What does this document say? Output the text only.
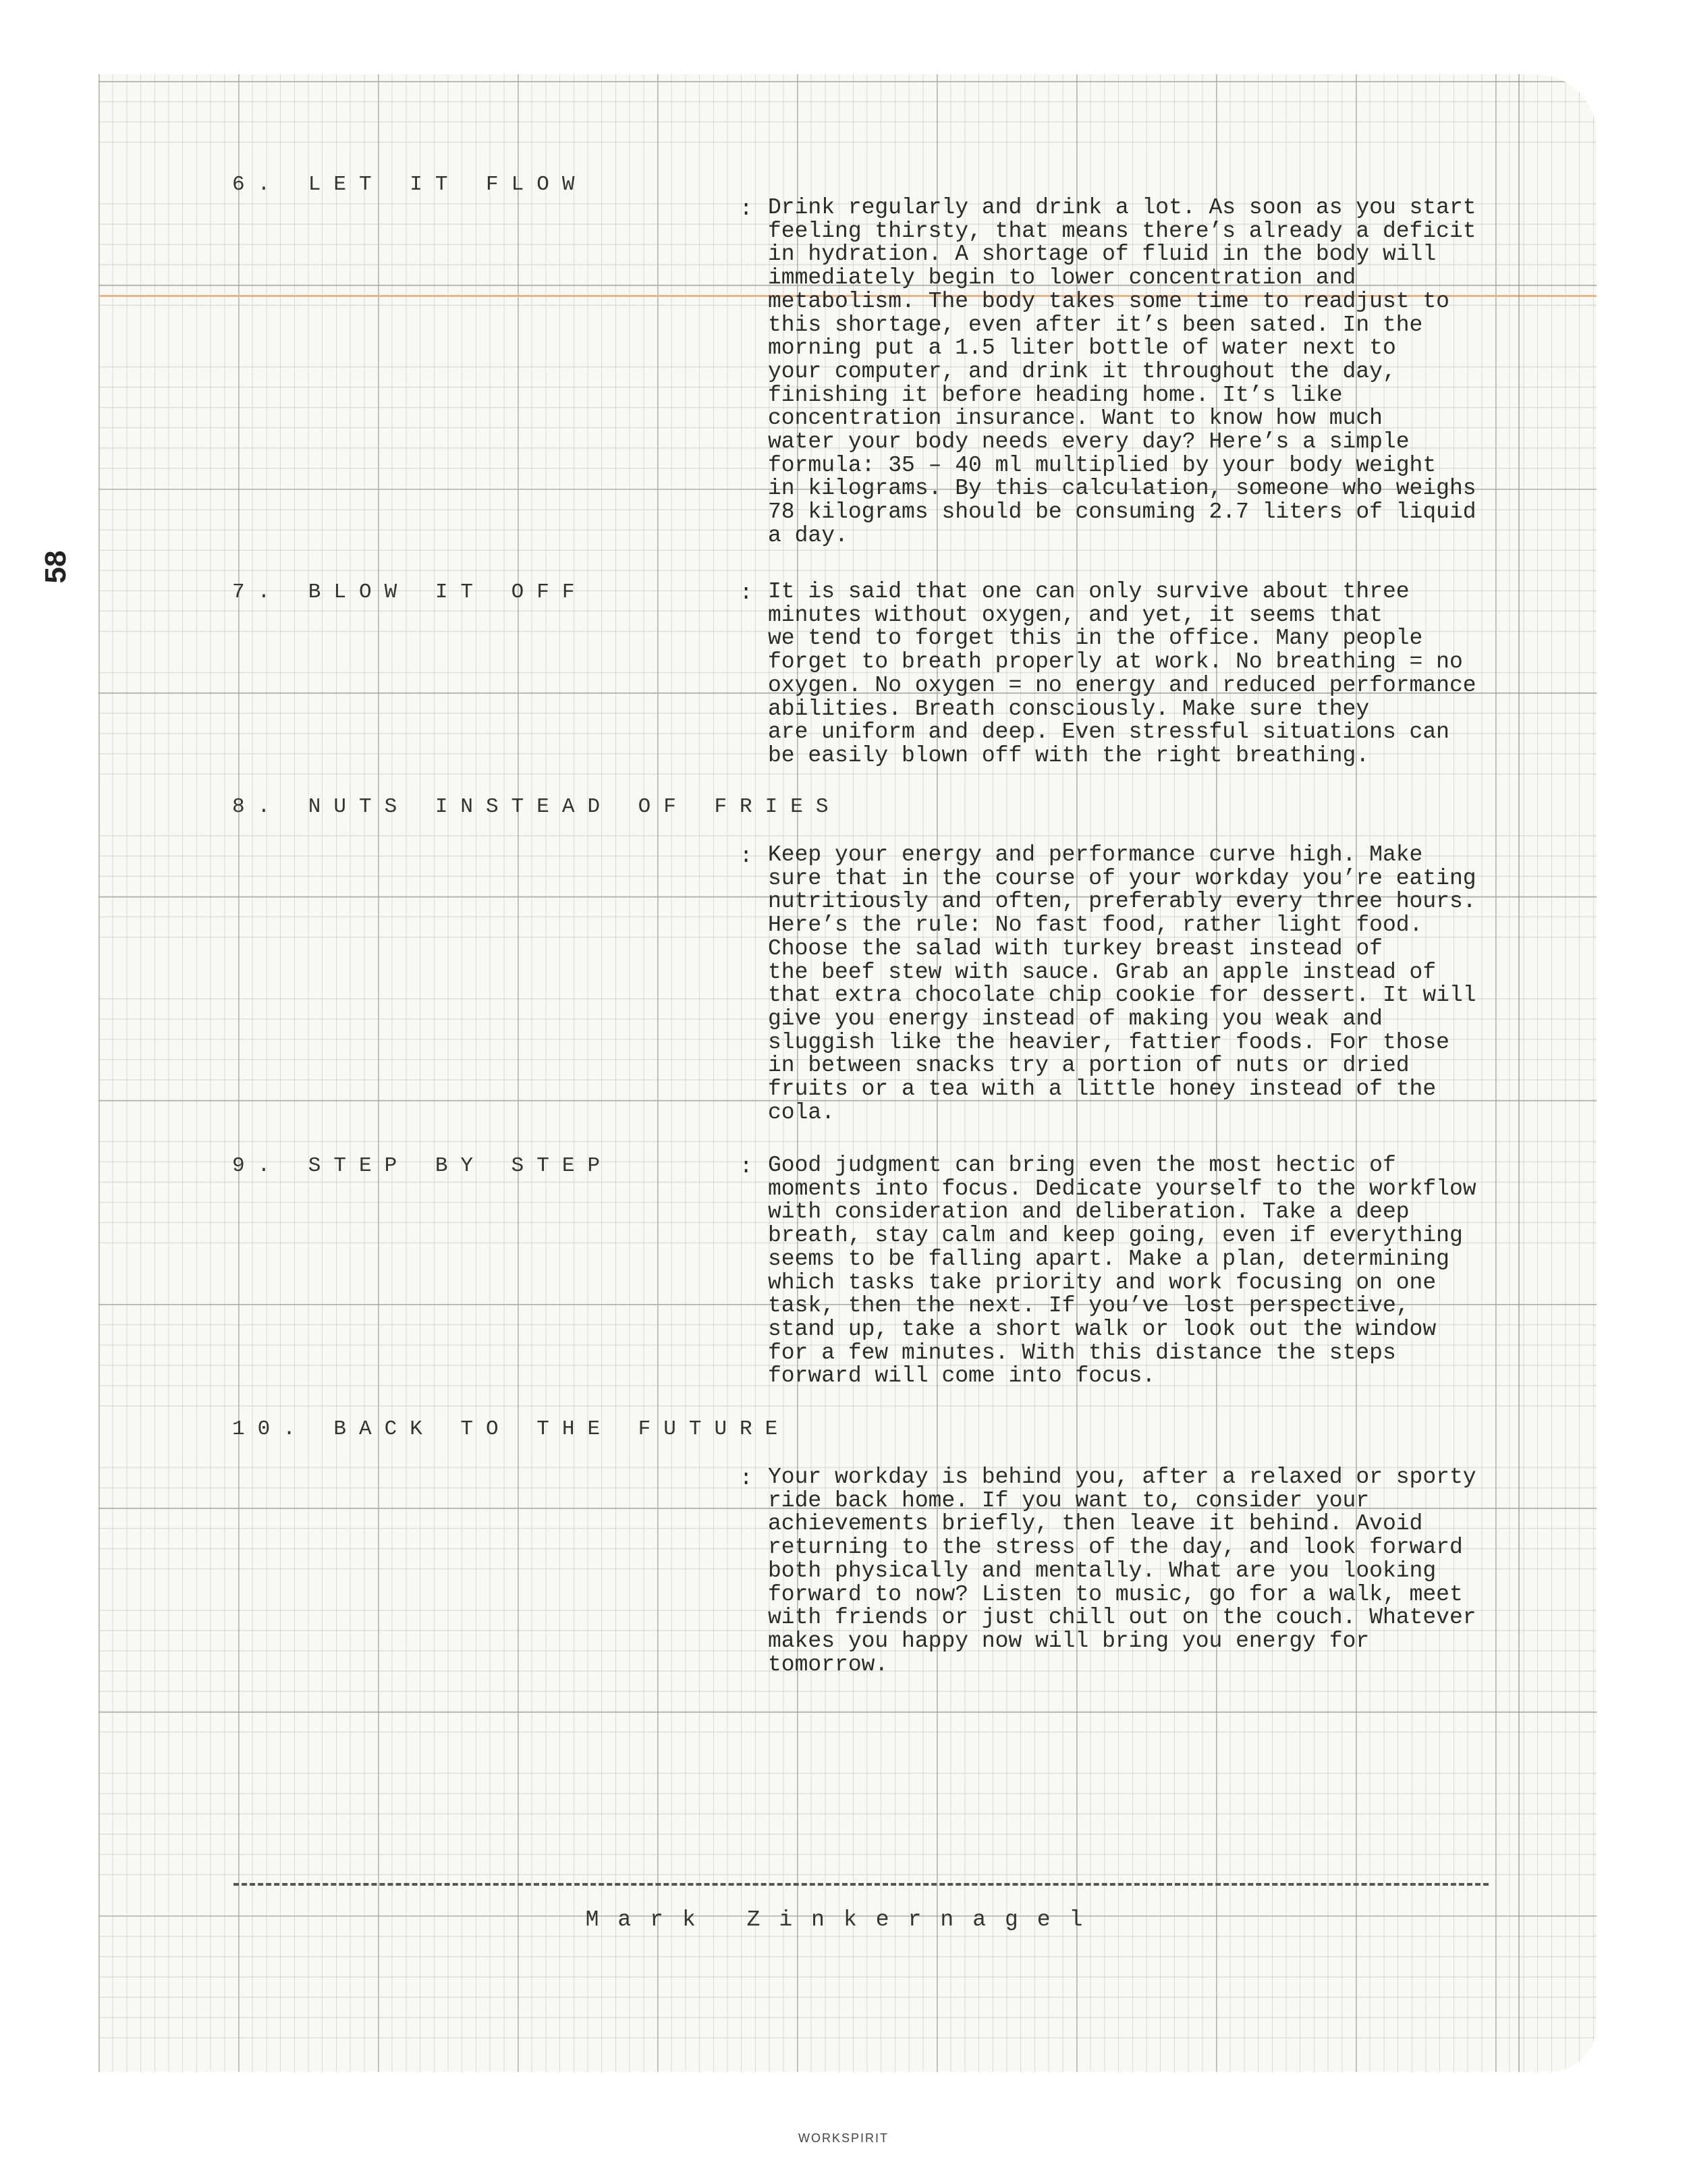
58
6. LET IT FLOW
: Drink regularly and drink a lot. As soon as you start
feeling thirsty, that means there’s already a deficit
in hydration. A shortage of fluid in the body will
immediately begin to lower concentration and
metabolism. The body takes some time to readjust to
this shortage, even after it’s been sated. In the
morning put a 1.5 liter bottle of water next to
your computer, and drink it throughout the day,
finishing it before heading home. It’s like
concentration insurance. Want to know how much
water your body needs every day? Here’s a simple
formula: 35 – 40 ml multiplied by your body weight
in kilograms. By this calculation, someone who weighs
78 kilograms should be consuming 2.7 liters of liquid
a day.
7. BLOW IT OFF	: It is said that one can only survive about three
minutes without oxygen, and yet, it seems that
we tend to forget this in the office. Many people
forget to breath properly at work. No breathing = no
oxygen. No oxygen = no energy and reduced performance
abilities. Breath consciously. Make sure they
are uniform and deep. Even stressful situations can
be easily blown off with the right breathing.
8. NUTS INSTEAD OF FRIES
: Keep your energy and performance curve high. Make
sure that in the course of your workday you’re eating
nutritiously and often, preferably every three hours.
Here’s the rule: No fast food, rather light food.
Choose the salad with turkey breast instead of
the beef stew with sauce. Grab an apple instead of
that extra chocolate chip cookie for dessert. It will
give you energy instead of making you weak and
sluggish like the heavier, fattier foods. For those
in between snacks try a portion of nuts or dried
fruits or a tea with a little honey instead of the
cola.
9. STEP BY STEP	: Good judgment can bring even the most hectic of
moments into focus. Dedicate yourself to the workflow
with consideration and deliberation. Take a deep
breath, stay calm and keep going, even if everything
seems to be falling apart. Make a plan, determining
which tasks take priority and work focusing on one
task, then the next. If you’ve lost perspective,
stand up, take a short walk or look out the window
for a few minutes. With this distance the steps
forward will come into focus.
10. BACK TO THE FUTURE
: Your workday is behind you, after a relaxed or sporty
ride back home. If you want to, consider your
achievements briefly, then leave it behind. Avoid
returning to the stress of the day, and look forward
both physically and mentally. What are you looking
forward to now? Listen to music, go for a walk, meet
with friends or just chill out on the couch. Whatever
makes you happy now will bring you energy for
tomorrow.
Mark Zinkernagel
WORKSPIRIT
